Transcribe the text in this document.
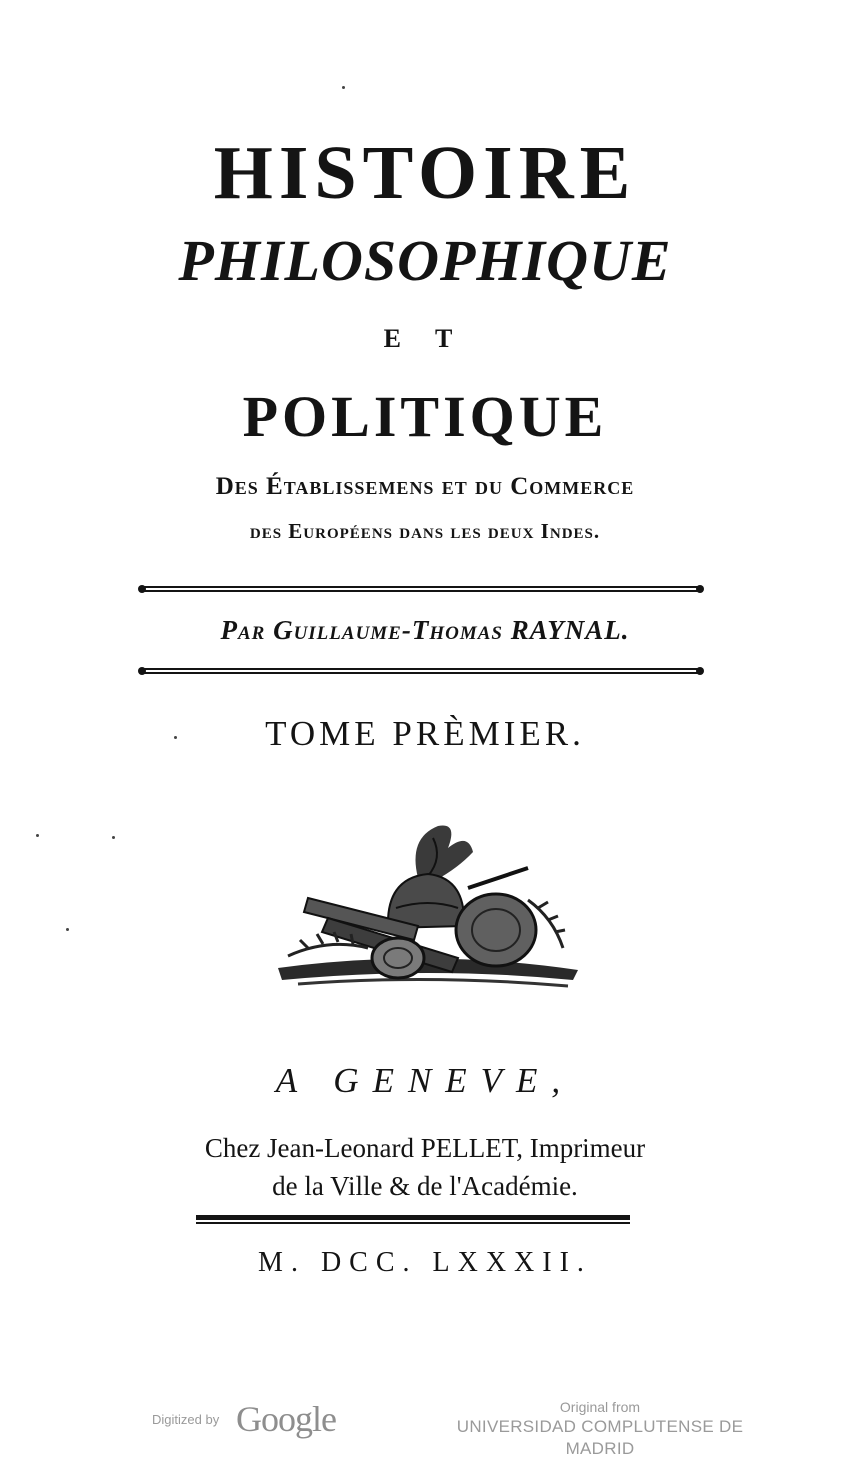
HISTOIRE
PHILOSOPHIQUE
E T
POLITIQUE
Des Établissemens et du Commerce
des Européens dans les deux Indes.
Par Guillaume-Thomas RAYNAL.
TOME PRÈMIER.
A GENEVE,
Chez Jean-Leonard PELLET, Imprimeur
de la Ville & de l'Académie.
M. DCC. LXXXII.
Digitized by Google	Original from
UNIVERSIDAD COMPLUTENSE DE MADRID
